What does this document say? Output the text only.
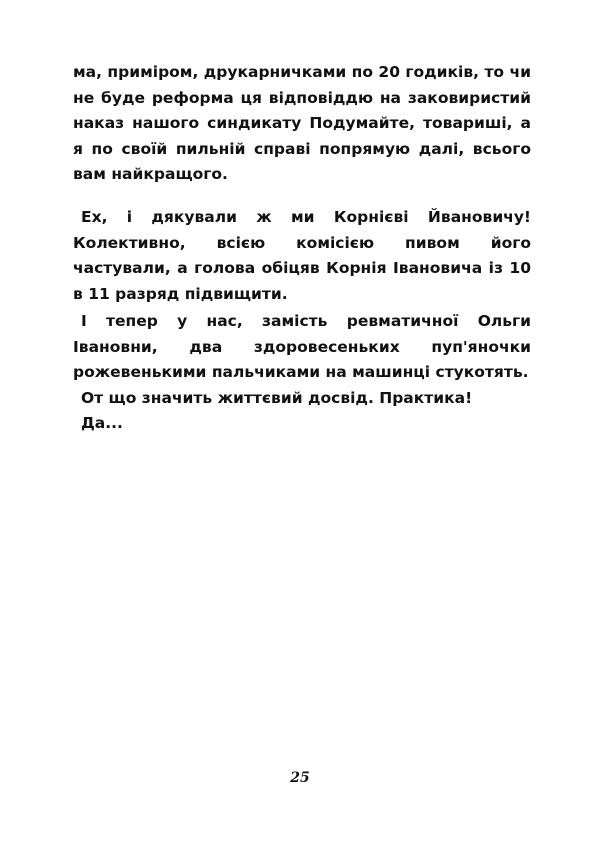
ма, приміром, друкарничками по 20 годиків, то чи не буде реформа ця відповіддю на заковиристий наказ нашого синдикату Подумайте, товариші, а я по своїй пильній справі попрямую далі, всього вам найкращого.

Ех, і дякували ж ми Корнієві Йвановичу! Колективно, всією комісією пивом його частували, а голова обіцяв Корнія Івановича із 10 в 11 разряд підвищити.

І тепер у нас, замість ревматичної Ольги Івановни, два здоровесеньких пуп'яночки рожевенькими пальчиками на машинці стукотять.

От що значить життєвий досвід. Практика!

Да...

25
